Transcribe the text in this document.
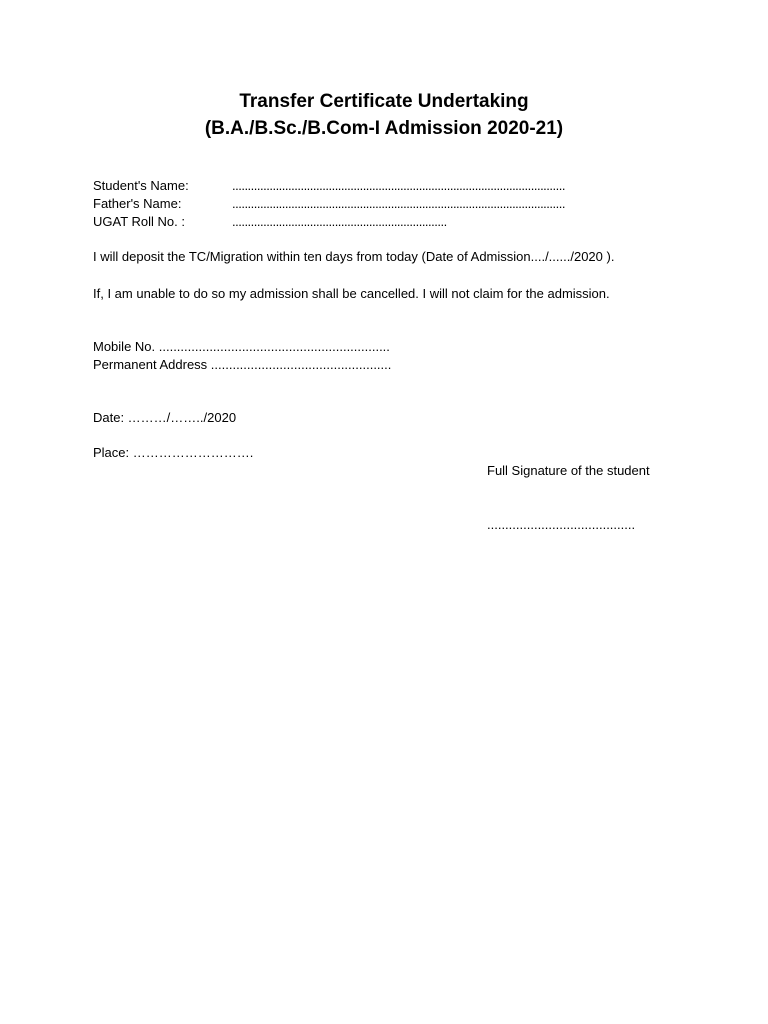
Transfer Certificate Undertaking
(B.A./B.Sc./B.Com-I Admission 2020-21)
Student's Name:	...........................................................................................................
Father's Name:	...........................................................................................................
UGAT Roll No. :	.....................................................................
I will deposit the TC/Migration within ten days from today (Date of Admission..../....../2020 ).
If, I am unable to do so my admission shall be cancelled. I will not claim for the admission.
Mobile No. ................................................................
Permanent Address ..................................................
Date: ………/……../2020
Place: ……………………….
Full Signature of the student
.........................................
